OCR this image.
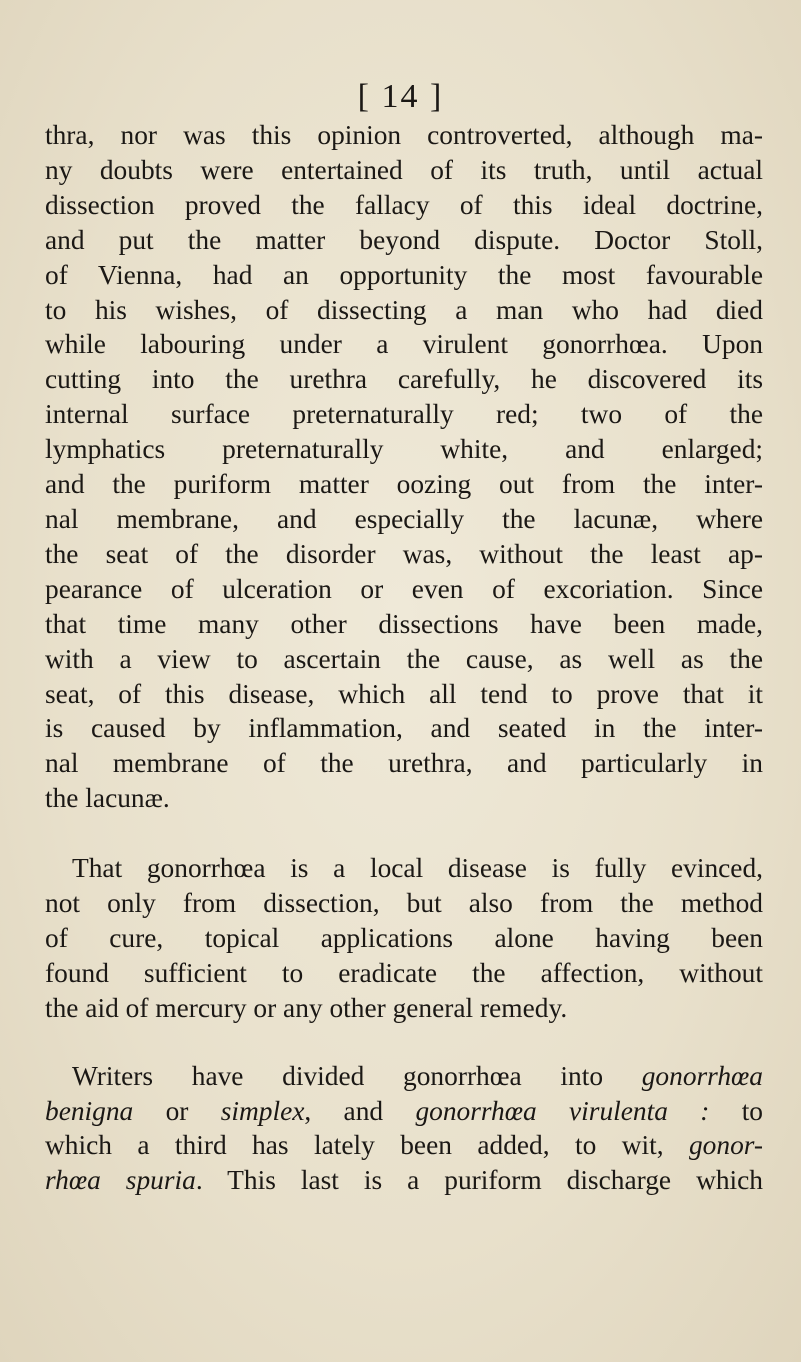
[ 14 ]
thra, nor was this opinion controverted, although ma-
ny doubts were entertained of its truth, until actual
dissection proved the fallacy of this ideal doctrine,
and put the matter beyond dispute. Doctor Stoll,
of Vienna, had an opportunity the most favourable
to his wishes, of dissecting a man who had died
while labouring under a virulent gonorrhœa. Upon
cutting into the urethra carefully, he discovered its
internal surface preternaturally red; two of the
lymphatics preternaturally white, and enlarged;
and the puriform matter oozing out from the inter-
nal membrane, and especially the lacunæ, where
the seat of the disorder was, without the least ap-
pearance of ulceration or even of excoriation. Since
that time many other dissections have been made,
with a view to ascertain the cause, as well as the
seat, of this disease, which all tend to prove that it
is caused by inflammation, and seated in the inter-
nal membrane of the urethra, and particularly in
the lacunæ.
That gonorrhœa is a local disease is fully evinced,
not only from dissection, but also from the method
of cure, topical applications alone having been
found sufficient to eradicate the affection, without
the aid of mercury or any other general remedy.
Writers have divided gonorrhœa into gonorrhœa
benigna or simplex, and gonorrhœa virulenta : to
which a third has lately been added, to wit, gonor-
rhœa spuria. This last is a puriform discharge which
